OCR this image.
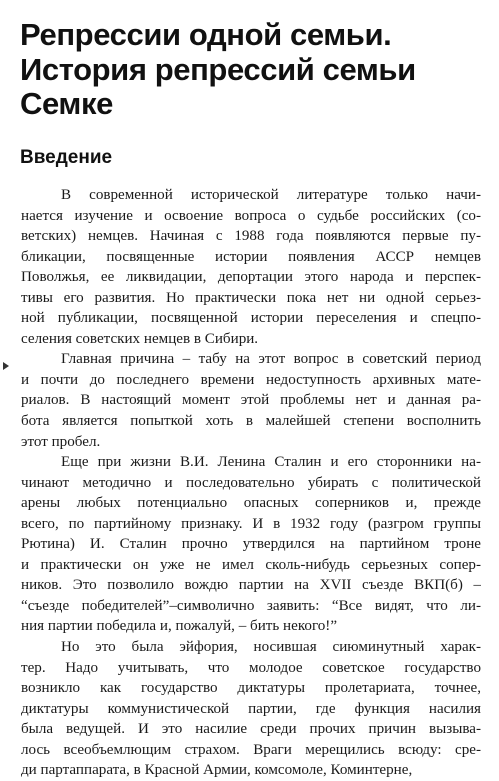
Репрессии одной семьи.
История репрессий семьи
Семке
Введение
В современной исторической литературе только начи-
нается изучение и освоение вопроса о судьбе российских (со-
ветских) немцев. Начиная с 1988 года появляются первые пу-
бликации, посвященные истории появления АССР немцев
Поволжья, ее ликвидации, депортации этого народа и перспек-
тивы его развития. Но практически пока нет ни одной серьез-
ной публикации, посвященной истории переселения и спецпо-
селения советских немцев в Сибири.
Главная причина – табу на этот вопрос в советский период
и почти до последнего времени недоступность архивных мате-
риалов. В настоящий момент этой проблемы нет и данная ра-
бота является попыткой хоть в малейшей степени восполнить
этот пробел.
Еще при жизни В.И. Ленина Сталин и его сторонники на-
чинают методично и последовательно убирать с политической
арены любых потенциально опасных соперников и, прежде
всего, по партийному признаку. И в 1932 году (разгром группы
Рютина) И. Сталин прочно утвердился на партийном троне
и практически он уже не имел сколь-нибудь серьезных сопер-
ников. Это позволило вождю партии на XVII съезде ВКП(б) –
“съезде победителей”–символично заявить: “Все видят, что ли-
ния партии победила и, пожалуй, – бить некого!”
Но это была эйфория, носившая сиюминутный харак-
тер. Надо учитывать, что молодое советское государство
возникло как государство диктатуры пролетариата, точнее,
диктатуры коммунистической партии, где функция насилия
была ведущей. И это насилие среди прочих причин вызыва-
лось всеобъемлющим страхом. Враги мерещились всюду: сре-
ди партаппарата, в Красной Армии, комсомоле, Коминтерне,
